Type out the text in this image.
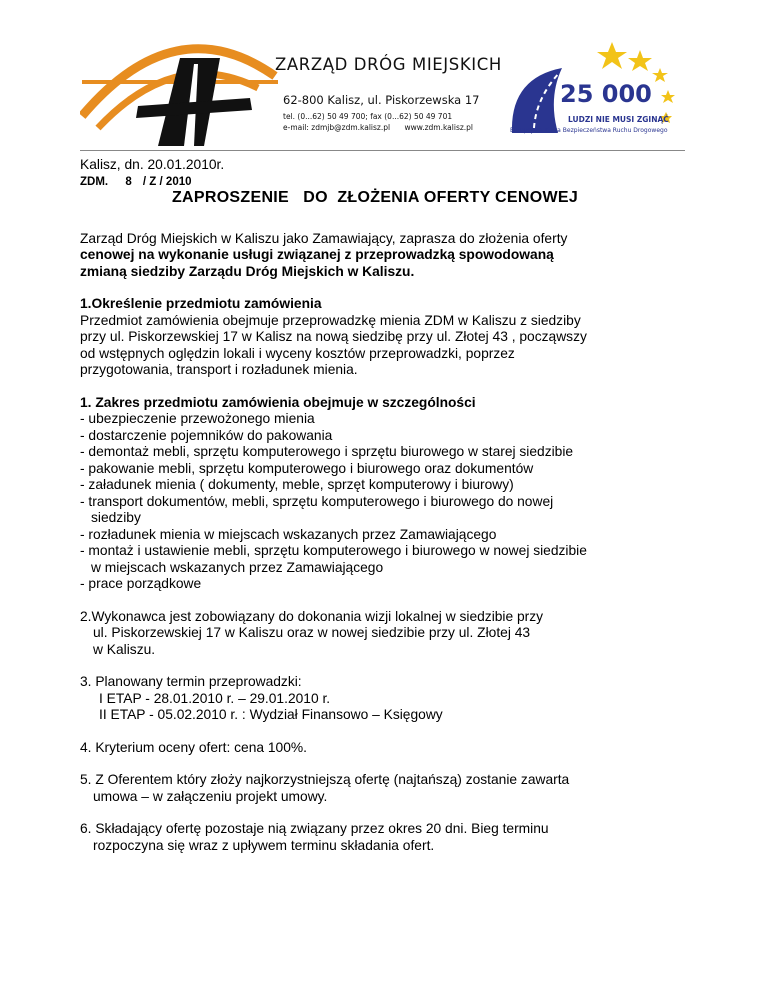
ZARZĄD DRÓG MIEJSKICH
62-800 Kalisz, ul. Piskorzewska 17
tel. (0...62) 50 49 700; fax (0...62) 50 49 701
e-mail: zdmjb@zdm.kalisz.pl www.zdm.kalisz.pl
25 000
LUDZI NIE MUSI ZGINĄĆ
Europejska Karta Bezpieczeństwa Ruchu Drogowego

Kalisz, dn. 20.01.2010r.

ZDM. 8 / Z / 2010

ZAPROSZENIE   DO  ZŁOŻENIA OFERTY CENOWEJ

Zarząd Dróg Miejskich w Kaliszu jako Zamawiający, zaprasza do złożenia oferty

cenowej na wykonanie usługi związanej z przeprowadzką spowodowaną

zmianą siedziby Zarządu Dróg Miejskich w Kaliszu.

1.Określenie przedmiotu zamówienia

Przedmiot zamówienia obejmuje przeprowadzkę mienia ZDM w Kaliszu z siedziby

przy ul. Piskorzewskiej 17 w Kalisz na nową siedzibę przy ul. Złotej 43 , począwszy

od wstępnych oględzin lokali i wyceny kosztów przeprowadzki, poprzez

przygotowania, transport i rozładunek mienia.

1. Zakres przedmiotu zamówienia obejmuje w szczególności

- ubezpieczenie przewożonego mienia

- dostarczenie pojemników do pakowania

- demontaż mebli, sprzętu komputerowego i sprzętu biurowego w starej siedzibie

- pakowanie mebli, sprzętu komputerowego i biurowego oraz dokumentów

- załadunek mienia ( dokumenty, meble, sprzęt komputerowy i biurowy)

- transport dokumentów, mebli, sprzętu komputerowego i biurowego do nowej

siedziby

- rozładunek mienia w miejscach wskazanych przez Zamawiającego

- montaż i ustawienie mebli, sprzętu komputerowego i biurowego w nowej siedzibie

w miejscach wskazanych przez Zamawiającego

- prace porządkowe

2.Wykonawca jest zobowiązany do dokonania wizji lokalnej w siedzibie przy

ul. Piskorzewskiej 17 w Kaliszu oraz w nowej siedzibie przy ul. Złotej 43

w Kaliszu.

3. Planowany termin przeprowadzki:

I ETAP - 28.01.2010 r. – 29.01.2010 r.

II ETAP - 05.02.2010 r. : Wydział Finansowo – Księgowy

4. Kryterium oceny ofert: cena 100%.

5. Z Oferentem który złoży najkorzystniejszą ofertę (najtańszą) zostanie zawarta

umowa – w załączeniu projekt umowy.

6. Składający ofertę pozostaje nią związany przez okres 20 dni. Bieg terminu

rozpoczyna się wraz z upływem terminu składania ofert.
